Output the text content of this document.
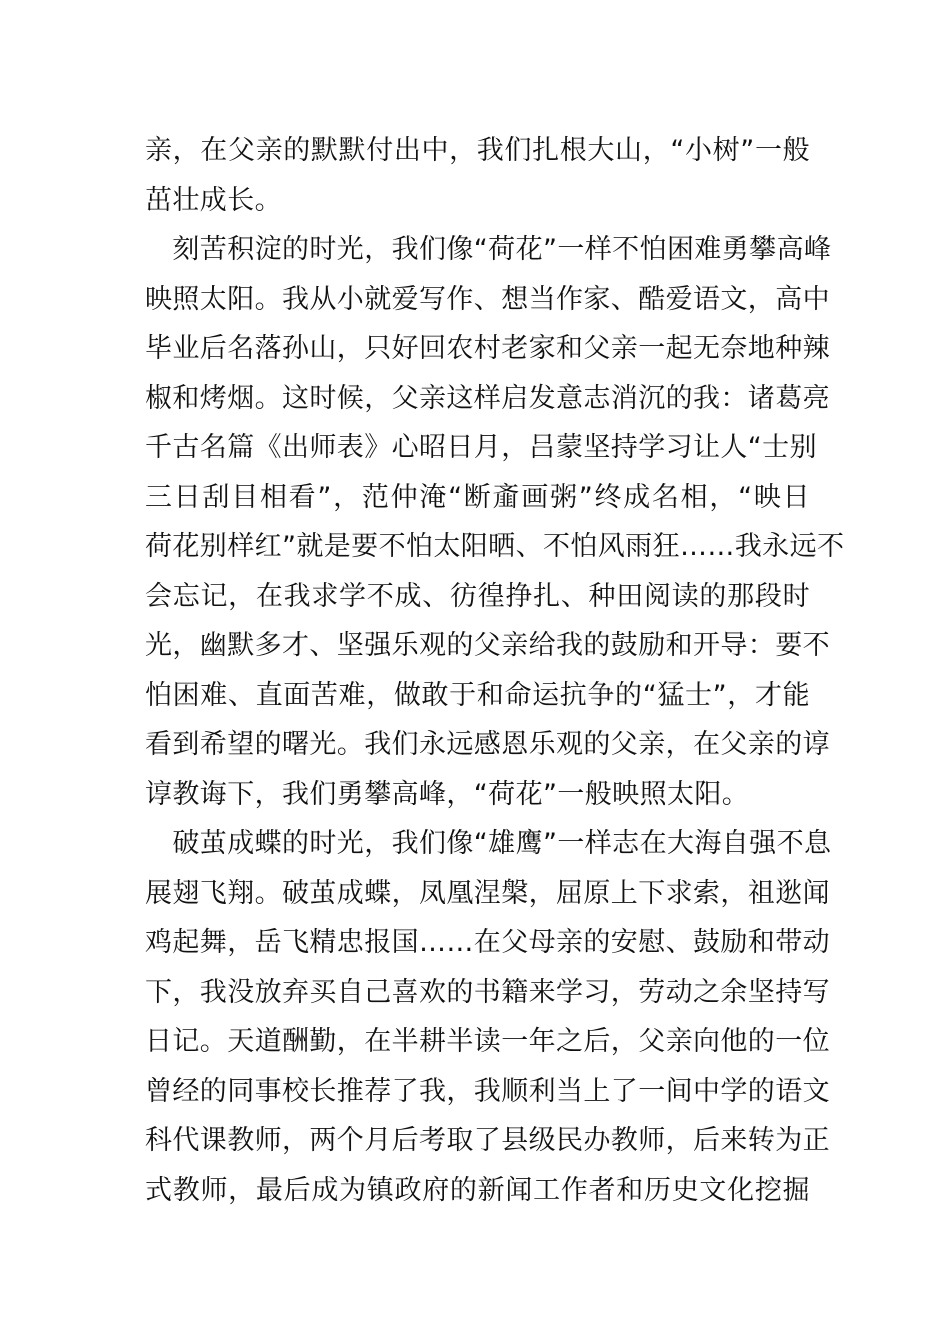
亲，在父亲的默默付出中，我们扎根大山，“小树”一般
茁壮成长。
　刻苦积淀的时光，我们像“荷花”一样不怕困难勇攀高峰
映照太阳。我从小就爱写作、想当作家、酷爱语文，高中
毕业后名落孙山，只好回农村老家和父亲一起无奈地种辣
椒和烤烟。这时候，父亲这样启发意志消沉的我：诸葛亮
千古名篇《出师表》心昭日月，吕蒙坚持学习让人“士别
三日刮目相看”，范仲淹“断齑画粥”终成名相，“映日
荷花别样红”就是要不怕太阳晒、不怕风雨狂……我永远不
会忘记，在我求学不成、彷徨挣扎、种田阅读的那段时
光，幽默多才、坚强乐观的父亲给我的鼓励和开导：要不
怕困难、直面苦难，做敢于和命运抗争的“猛士”，才能
看到希望的曙光。我们永远感恩乐观的父亲，在父亲的谆
谆教诲下，我们勇攀高峰，“荷花”一般映照太阳。
　破茧成蝶的时光，我们像“雄鹰”一样志在大海自强不息
展翅飞翔。破茧成蝶，凤凰涅槃，屈原上下求索，祖逖闻
鸡起舞，岳飞精忠报国……在父母亲的安慰、鼓励和带动
下，我没放弃买自己喜欢的书籍来学习，劳动之余坚持写
日记。天道酬勤，在半耕半读一年之后，父亲向他的一位
曾经的同事校长推荐了我，我顺利当上了一间中学的语文
科代课教师，两个月后考取了县级民办教师，后来转为正
式教师，最后成为镇政府的新闻工作者和历史文化挖掘
